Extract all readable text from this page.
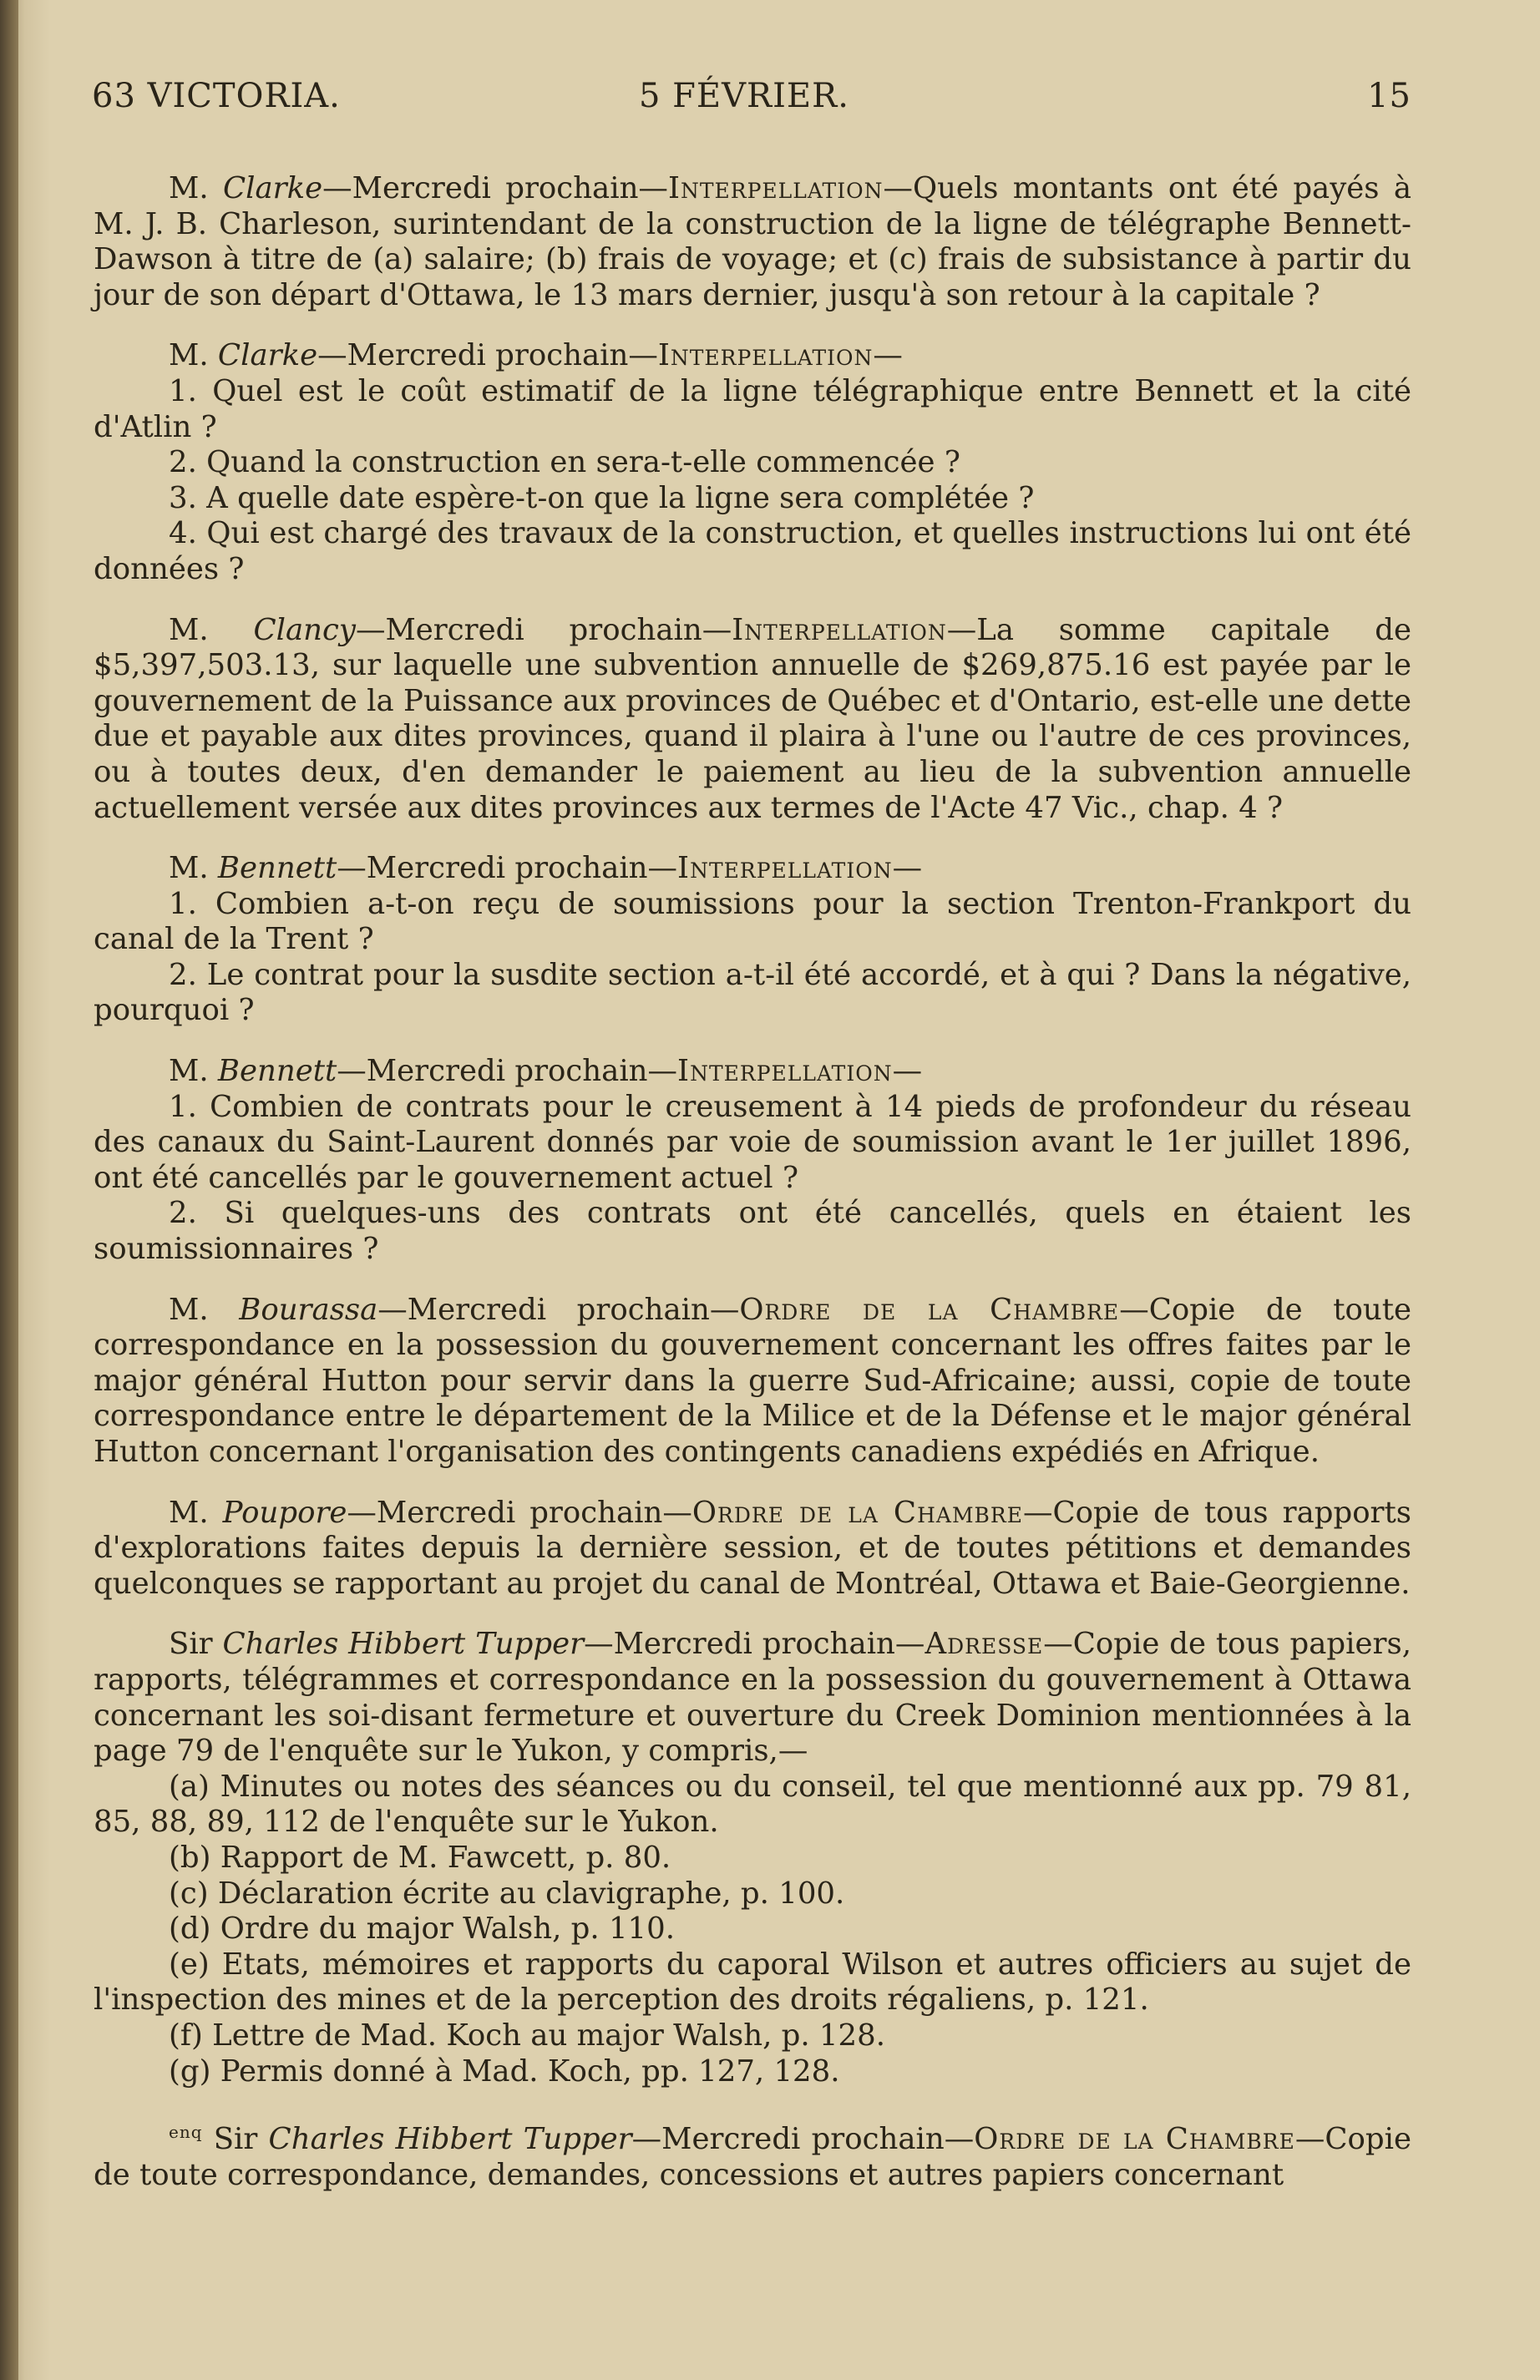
63 VICTORIA.	5 FÉVRIER.	15

M. Clarke—Mercredi prochain—Interpellation—Quels montants ont été payés à M. J. B. Charleson, surintendant de la construction de la ligne de télégraphe Bennett-Dawson à titre de (a) salaire; (b) frais de voyage; et (c) frais de subsistance à partir du jour de son départ d'Ottawa, le 13 mars dernier, jusqu'à son retour à la capitale ?

M. Clarke—Mercredi prochain—Interpellation—

1. Quel est le coût estimatif de la ligne télégraphique entre Bennett et la cité d'Atlin ?

2. Quand la construction en sera-t-elle commencée ?

3. A quelle date espère-t-on que la ligne sera complétée ?

4. Qui est chargé des travaux de la construction, et quelles instructions lui ont été données ?

M. Clancy—Mercredi prochain—Interpellation—La somme capitale de $5,397,503.13, sur laquelle une subvention annuelle de $269,875.16 est payée par le gouvernement de la Puissance aux provinces de Québec et d'Ontario, est-elle une dette due et payable aux dites provinces, quand il plaira à l'une ou l'autre de ces provinces, ou à toutes deux, d'en demander le paiement au lieu de la subvention annuelle actuellement versée aux dites provinces aux termes de l'Acte 47 Vic., chap. 4 ?

M. Bennett—Mercredi prochain—Interpellation—

1. Combien a-t-on reçu de soumissions pour la section Trenton-Frankport du canal de la Trent ?

2. Le contrat pour la susdite section a-t-il été accordé, et à qui ? Dans la négative, pourquoi ?

M. Bennett—Mercredi prochain—Interpellation—

1. Combien de contrats pour le creusement à 14 pieds de profondeur du réseau des canaux du Saint-Laurent donnés par voie de soumission avant le 1er juillet 1896, ont été cancellés par le gouvernement actuel ?

2. Si quelques-uns des contrats ont été cancellés, quels en étaient les soumissionnaires ?

M. Bourassa—Mercredi prochain—Ordre de la Chambre—Copie de toute correspondance en la possession du gouvernement concernant les offres faites par le major général Hutton pour servir dans la guerre Sud-Africaine; aussi, copie de toute correspondance entre le département de la Milice et de la Défense et le major général Hutton concernant l'organisation des contingents canadiens expédiés en Afrique.

M. Poupore—Mercredi prochain—Ordre de la Chambre—Copie de tous rapports d'explorations faites depuis la dernière session, et de toutes pétitions et demandes quelconques se rapportant au projet du canal de Montréal, Ottawa et Baie-Georgienne.

Sir Charles Hibbert Tupper—Mercredi prochain—Adresse—Copie de tous papiers, rapports, télégrammes et correspondance en la possession du gouvernement à Ottawa concernant les soi-disant fermeture et ouverture du Creek Dominion mentionnées à la page 79 de l'enquête sur le Yukon, y compris,—

(a) Minutes ou notes des séances ou du conseil, tel que mentionné aux pp. 79 81, 85, 88, 89, 112 de l'enquête sur le Yukon.

(b) Rapport de M. Fawcett, p. 80.

(c) Déclaration écrite au clavigraphe, p. 100.

(d) Ordre du major Walsh, p. 110.

(e) Etats, mémoires et rapports du caporal Wilson et autres officiers au sujet de l'inspection des mines et de la perception des droits régaliens, p. 121.

(f) Lettre de Mad. Koch au major Walsh, p. 128.

(g) Permis donné à Mad. Koch, pp. 127, 128.

$^{enq}$ Sir Charles Hibbert Tupper—Mercredi prochain—Ordre de la Chambre—Copie de toute correspondance, demandes, concessions et autres papiers concernant
